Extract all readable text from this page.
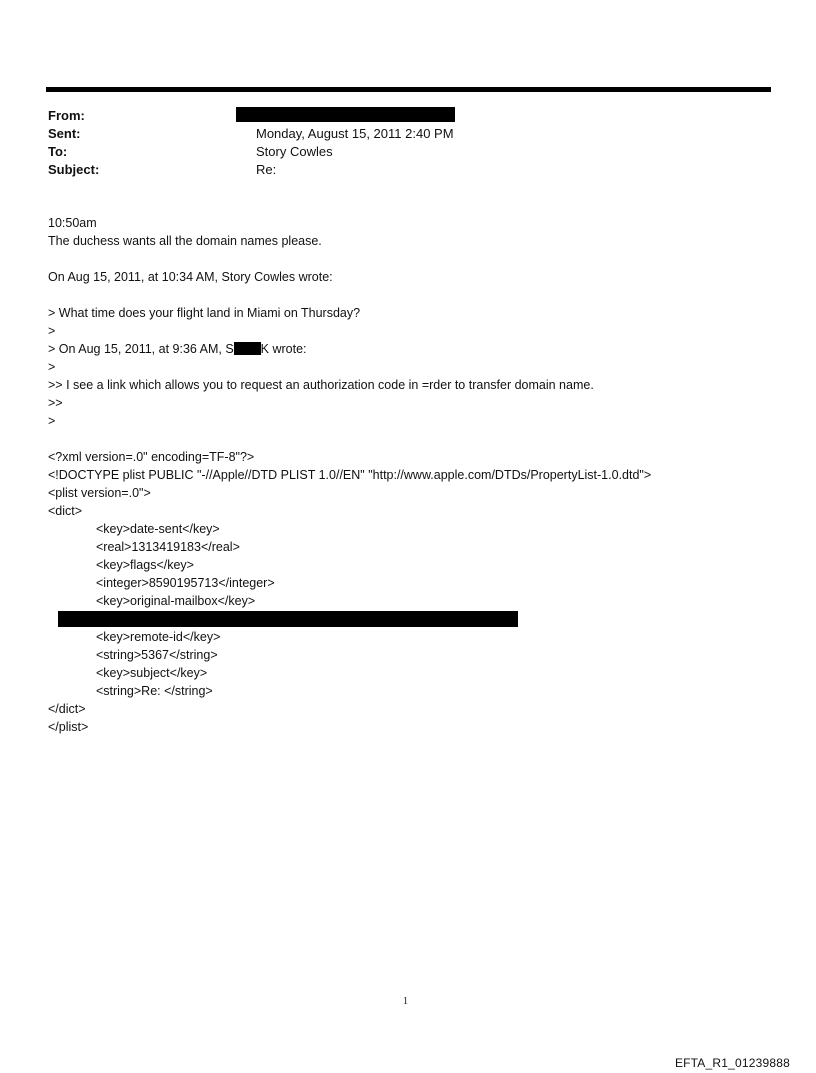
From:
Sent:	Monday, August 15, 2011 2:40 PM
To:	Story Cowles
Subject:	Re:
10:50am
The duchess wants all the domain names please.
On Aug 15, 2011, at 10:34 AM, Story Cowles wrote:
> What time does your flight land in Miami on Thursday?
>
> On Aug 15, 2011, at 9:36 AM, S K wrote:
>
>> I see a link which allows you to request an authorization code in =rder to transfer domain name.
>>
>
<?xml version=.0" encoding=TF-8"?>
<!DOCTYPE plist PUBLIC "-//Apple//DTD PLIST 1.0//EN" "http://www.apple.com/DTDs/PropertyList-1.0.dtd">
<plist version=.0">
<dict>
<key>date-sent</key>
<real>1313419183</real>
<key>flags</key>
<integer>8590195713</integer>
<key>original-mailbox</key>
<key>remote-id</key>
<string>5367</string>
<key>subject</key>
<string>Re: </string>
</dict>
</plist>
1
EFTA_R1_01239888
